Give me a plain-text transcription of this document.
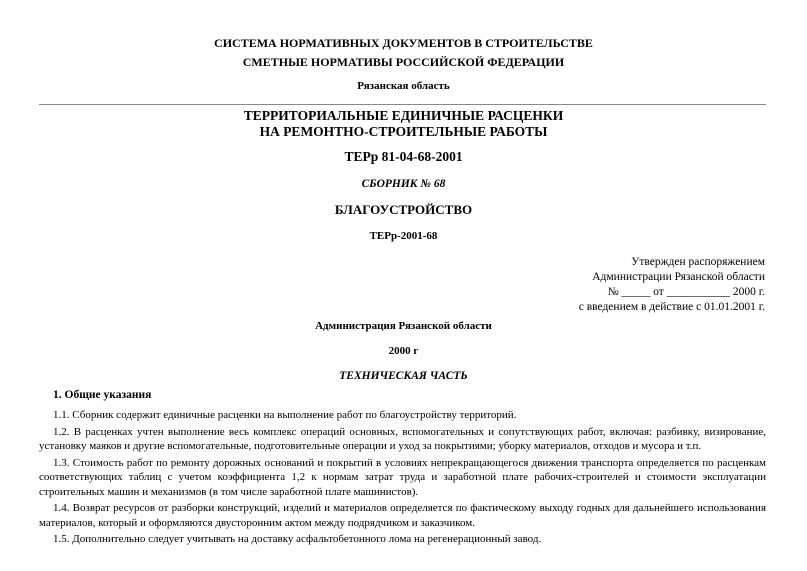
СИСТЕМА НОРМАТИВНЫХ ДОКУМЕНТОВ В СТРОИТЕЛЬСТВЕ
СМЕТНЫЕ НОРМАТИВЫ РОССИЙСКОЙ ФЕДЕРАЦИИ
Рязанская область
ТЕРРИТОРИАЛЬНЫЕ ЕДИНИЧНЫЕ РАСЦЕНКИ
НА РЕМОНТНО-СТРОИТЕЛЬНЫЕ РАБОТЫ
ТЕРр 81-04-68-2001
СБОРНИК № 68
БЛАГОУСТРОЙСТВО
ТЕРр-2001-68
Утвержден распоряжением
Администрации Рязанской области
№ _____ от ___________ 2000 г.
с введением в действие с 01.01.2001 г.
Администрация Рязанской области
2000 г
ТЕХНИЧЕСКАЯ ЧАСТЬ
1. Общие указания

1.1. Сборник содержит единичные расценки на выполнение работ по благоустройству территорий.

1.2. В расценках учтен выполнение весь комплекс операций основных, вспомогательных и сопутствующих работ, включая: разбивку, визирование, установку маяков и другие вспомогательные, подготовительные операции и уход за покрытиями; уборку материалов, отходов и мусора и т.п.

1.3. Стоимость работ по ремонту дорожных оснований и покрытий в условиях непрекращающегося движения транспорта определяется по расценкам соответствующих таблиц с учетом коэффициента 1,2 к нормам затрат труда и заработной плате рабочих-строителей и стоимости эксплуатации строительных машин и механизмов (в том числе заработной плате машинистов).

1.4. Возврат ресурсов от разборки конструкций, изделий и материалов определяется по фактическому выходу годных для дальнейшего использования материалов, который и оформляются двусторонним актом между подрядчиком и заказчиком.

1.5. Дополнительно следует учитывать на доставку асфальтобетонного лома на регенерационный завод.
